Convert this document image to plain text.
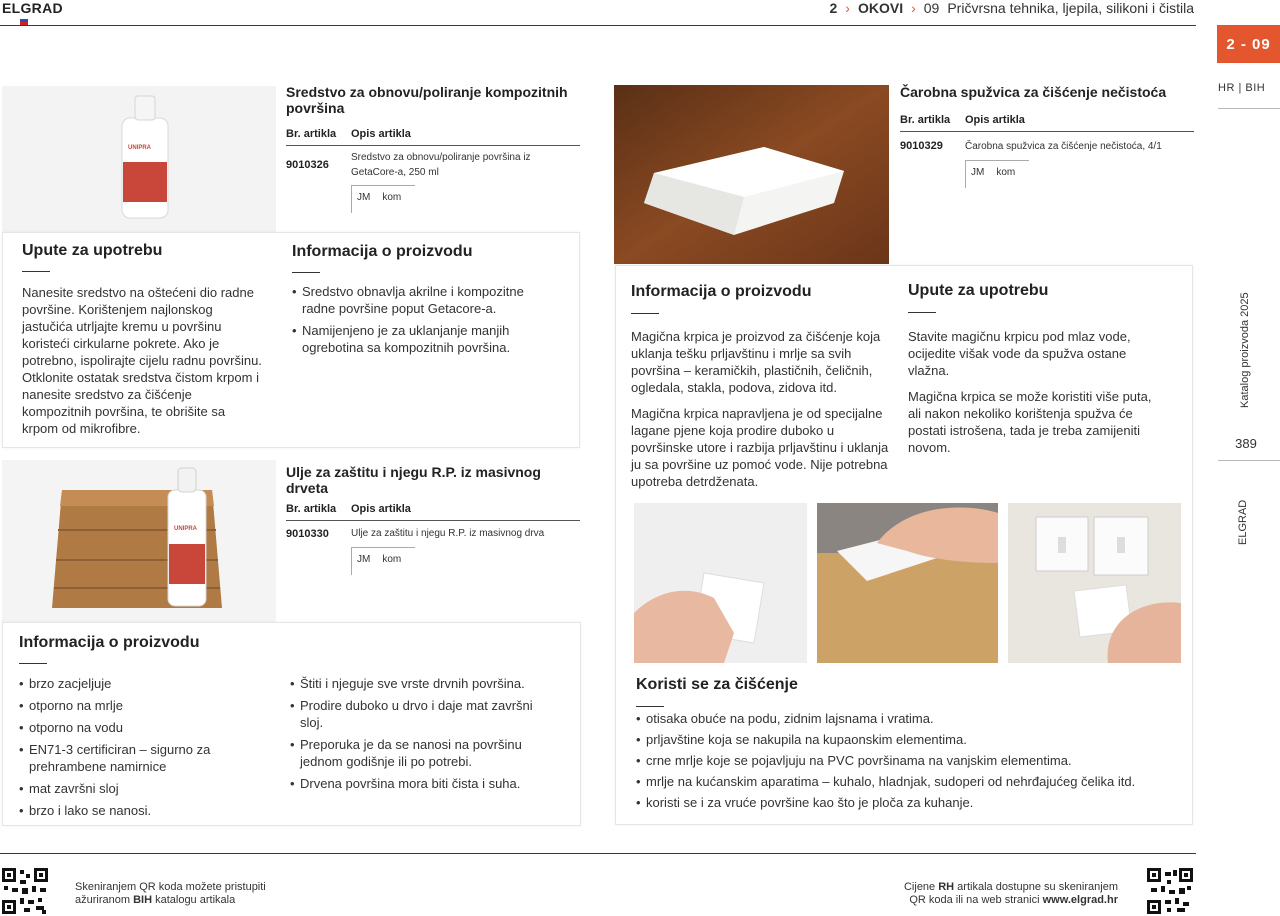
ELGRAD	2 › OKOVI › 09 Pričvrsna tehnika, ljepila, silikoni i čistila
2 - 09
HR | BIH
Katalog proizvoda 2025
389
ELGRAD
UNIPRA
Sredstvo za obnovu/poliranje kompozitnih površina
Br. artikla Opis artikla
9010326
Sredstvo za obnovu/poliranje površina iz GetaCore-a, 250 ml
JM kom
Upute za upotrebu
Nanesite sredstvo na oštećeni dio radne površine. Korištenjem najlonskog jastučića utrljajte kremu u površinu koristeći cirkularne pokrete. Ako je potrebno, ispolirajte cijelu radnu površinu. Otklonite ostatak sredstva čistom krpom i nanesite sredstvo za čišćenje kompozitnih površina, te obrišite sa krpom od mikrofibre.
Informacija o proizvodu
• Sredstvo obnavlja akrilne i kompozitne radne površine poput Getacore-a.
• Namijenjeno je za uklanjanje manjih ogrebotina sa kompozitnih površina.
UNIPRA
Ulje za zaštitu i njegu R.P. iz masivnog drveta
Br. artikla Opis artikla
9010330 Ulje za zaštitu i njegu R.P. iz masivnog drva
JM kom
Informacija o proizvodu
• brzo zacjeljuje
• otporno na mrlje
• otporno na vodu
• EN71-3 certificiran – sigurno za prehrambene namirnice
• mat završni sloj
• brzo i lako se nanosi.
• Štiti i njeguje sve vrste drvnih površina.
• Prodire duboko u drvo i daje mat završni sloj.
• Preporuka je da se nanosi na površinu jednom godišnje ili po potrebi.
• Drvena površina mora biti čista i suha.
Čarobna spužvica za čišćenje nečistoća
Br. artikla Opis artikla
9010329 Čarobna spužvica za čišćenje nečistoća, 4/1
JM kom
Informacija o proizvodu
Magična krpica je proizvod za čišćenje koja uklanja tešku prljavštinu i mrlje sa svih površina – keramičkih, plastičnih, čeličnih, ogledala, stakla, podova, zidova itd.
Magična krpica napravljena je od specijalne lagane pjene koja prodire duboko u površinske utore i razbija prljavštinu i uklanja ju sa površine uz pomoć vode. Nije potrebna upotreba detrdženata.
Upute za upotrebu
Stavite magičnu krpicu pod mlaz vode, ocijedite višak vode da spužva ostane vlažna.
Magična krpica se može koristiti više puta, ali nakon nekoliko korištenja spužva će postati istrošena, tada je treba zamijeniti novom.
Koristi se za čišćenje
• otisaka obuće na podu, zidnim lajsnama i vratima.
• prljavštine koja se nakupila na kupaonskim elementima.
• crne mrlje koje se pojavljuju na PVC površinama na vanjskim elementima.
• mrlje na kućanskim aparatima – kuhalo, hladnjak, sudoperi od nehrđajućeg čelika itd.
• koristi se i za vruće površine kao što je ploča za kuhanje.
Skeniranjem QR koda možete pristupiti
ažuriranom BIH katalogu artikala
Cijene RH artikala dostupne su skeniranjem
QR koda ili na web stranici www.elgrad.hr
